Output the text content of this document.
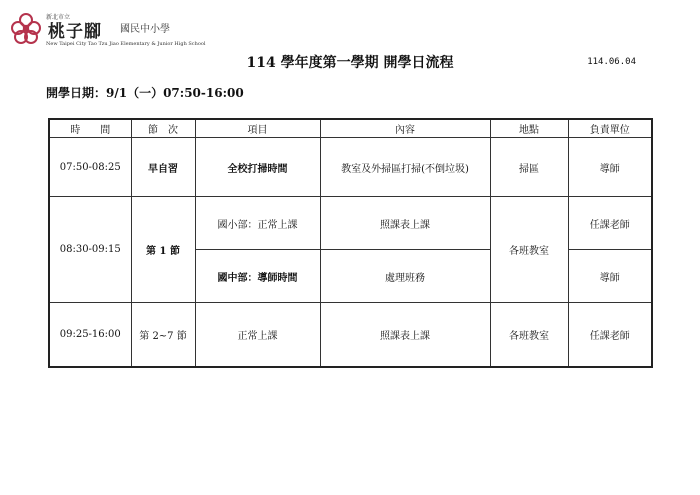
新北市立
桃子腳 國民中小學
New Taipei City Tao Tzu Jiao Elementary & Junior High School
114 學年度第一學期 開學日流程	114.06.04
開學日期：9/1（一）07:50-16:00
時　　間	節　次	項目	內容	地點	負責單位
07:50-08:25	早自習	全校打掃時間	教室及外掃區打掃(不倒垃圾)	掃區	導師
08:30-09:15	第 1 節	國小部：正常上課	照課表上課	各班教室	任課老師
		國中部：導師時間	處理班務		導師
09:25-16:00	第 2~7 節	正常上課	照課表上課	各班教室	任課老師
